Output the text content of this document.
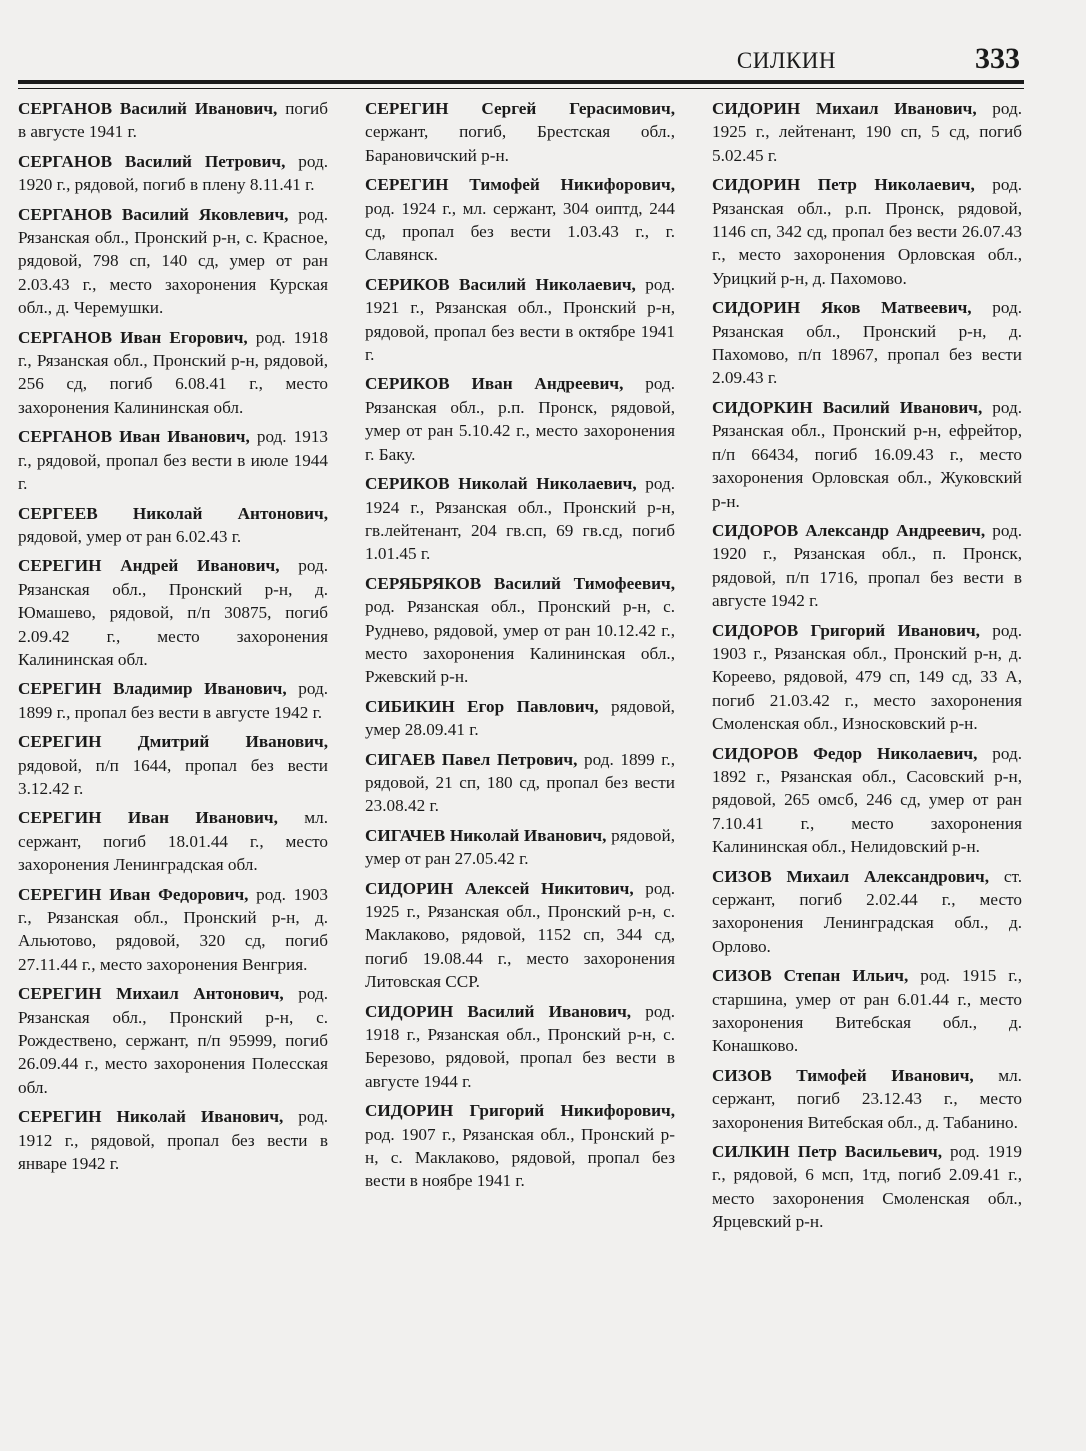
СИЛКИН	333

СЕРГАНОВ Василий Иванович, погиб в августе 1941 г.

СЕРГАНОВ Василий Петрович, род. 1920 г., рядовой, погиб в плену 8.11.41 г.

СЕРГАНОВ Василий Яковлевич, род. Рязанская обл., Пронский р-н, с. Красное, рядовой, 798 сп, 140 сд, умер от ран 2.03.43 г., место захоронения Курская обл., д. Черемушки.

СЕРГАНОВ Иван Егорович, род. 1918 г., Рязанская обл., Пронский р-н, рядовой, 256 сд, погиб 6.08.41 г., место захоронения Калининская обл.

СЕРГАНОВ Иван Иванович, род. 1913 г., рядовой, пропал без вести в июле 1944 г.

СЕРГЕЕВ Николай Антонович, рядовой, умер от ран 6.02.43 г.

СЕРЕГИН Андрей Иванович, род. Рязанская обл., Пронский р-н, д. Юмашево, рядовой, п/п 30875, погиб 2.09.42 г., место захоронения Калининская обл.

СЕРЕГИН Владимир Иванович, род. 1899 г., пропал без вести в августе 1942 г.

СЕРЕГИН Дмитрий Иванович, рядовой, п/п 1644, пропал без вести 3.12.42 г.

СЕРЕГИН Иван Иванович, мл. сержант, погиб 18.01.44 г., место захоронения Ленинградская обл.

СЕРЕГИН Иван Федорович, род. 1903 г., Рязанская обл., Пронский р-н, д. Альютово, рядовой, 320 сд, погиб 27.11.44 г., место захоронения Венгрия.

СЕРЕГИН Михаил Антонович, род. Рязанская обл., Пронский р-н, с. Рождествено, сержант, п/п 95999, погиб 26.09.44 г., место захоронения Полесская обл.

СЕРЕГИН Николай Иванович, род. 1912 г., рядовой, пропал без вести в январе 1942 г.

СЕРЕГИН Сергей Герасимович, сержант, погиб, Брестская обл., Барановичский р-н.

СЕРЕГИН Тимофей Никифорович, род. 1924 г., мл. сержант, 304 оиптд, 244 сд, пропал без вести 1.03.43 г., г. Славянск.

СЕРИКОВ Василий Николаевич, род. 1921 г., Рязанская обл., Пронский р-н, рядовой, пропал без вести в октябре 1941 г.

СЕРИКОВ Иван Андреевич, род. Рязанская обл., р.п. Пронск, рядовой, умер от ран 5.10.42 г., место захоронения г. Баку.

СЕРИКОВ Николай Николаевич, род. 1924 г., Рязанская обл., Пронский р-н, гв.лейтенант, 204 гв.сп, 69 гв.сд, погиб 1.01.45 г.

СЕРЯБРЯКОВ Василий Тимофеевич, род. Рязанская обл., Пронский р-н, с. Руднево, рядовой, умер от ран 10.12.42 г., место захоронения Калининская обл., Ржевский р-н.

СИБИКИН Егор Павлович, рядовой, умер 28.09.41 г.

СИГАЕВ Павел Петрович, род. 1899 г., рядовой, 21 сп, 180 сд, пропал без вести 23.08.42 г.

СИГАЧЕВ Николай Иванович, рядовой, умер от ран 27.05.42 г.

СИДОРИН Алексей Никитович, род. 1925 г., Рязанская обл., Пронский р-н, с. Маклаково, рядовой, 1152 сп, 344 сд, погиб 19.08.44 г., место захоронения Литовская ССР.

СИДОРИН Василий Иванович, род. 1918 г., Рязанская обл., Пронский р-н, с. Березово, рядовой, пропал без вести в августе 1944 г.

СИДОРИН Григорий Никифорович, род. 1907 г., Рязанская обл., Пронский р-н, с. Маклаково, рядовой, пропал без вести в ноябре 1941 г.

СИДОРИН Михаил Иванович, род. 1925 г., лейтенант, 190 сп, 5 сд, погиб 5.02.45 г.

СИДОРИН Петр Николаевич, род. Рязанская обл., р.п. Пронск, рядовой, 1146 сп, 342 сд, пропал без вести 26.07.43 г., место захоронения Орловская обл., Урицкий р-н, д. Пахомово.

СИДОРИН Яков Матвеевич, род. Рязанская обл., Пронский р-н, д. Пахомово, п/п 18967, пропал без вести 2.09.43 г.

СИДОРКИН Василий Иванович, род. Рязанская обл., Пронский р-н, ефрейтор, п/п 66434, погиб 16.09.43 г., место захоронения Орловская обл., Жуковский р-н.

СИДОРОВ Александр Андреевич, род. 1920 г., Рязанская обл., п. Пронск, рядовой, п/п 1716, пропал без вести в августе 1942 г.

СИДОРОВ Григорий Иванович, род. 1903 г., Рязанская обл., Пронский р-н, д. Кореево, рядовой, 479 сп, 149 сд, 33 А, погиб 21.03.42 г., место захоронения Смоленская обл., Износковский р-н.

СИДОРОВ Федор Николаевич, род. 1892 г., Рязанская обл., Сасовский р-н, рядовой, 265 омсб, 246 сд, умер от ран 7.10.41 г., место захоронения Калининская обл., Нелидовский р-н.

СИЗОВ Михаил Александрович, ст. сержант, погиб 2.02.44 г., место захоронения Ленинградская обл., д. Орлово.

СИЗОВ Степан Ильич, род. 1915 г., старшина, умер от ран 6.01.44 г., место захоронения Витебская обл., д. Конашково.

СИЗОВ Тимофей Иванович, мл. сержант, погиб 23.12.43 г., место захоронения Витебская обл., д. Табанино.

СИЛКИН Петр Васильевич, род. 1919 г., рядовой, 6 мсп, 1тд, погиб 2.09.41 г., место захоронения Смоленская обл., Ярцевский р-н.
